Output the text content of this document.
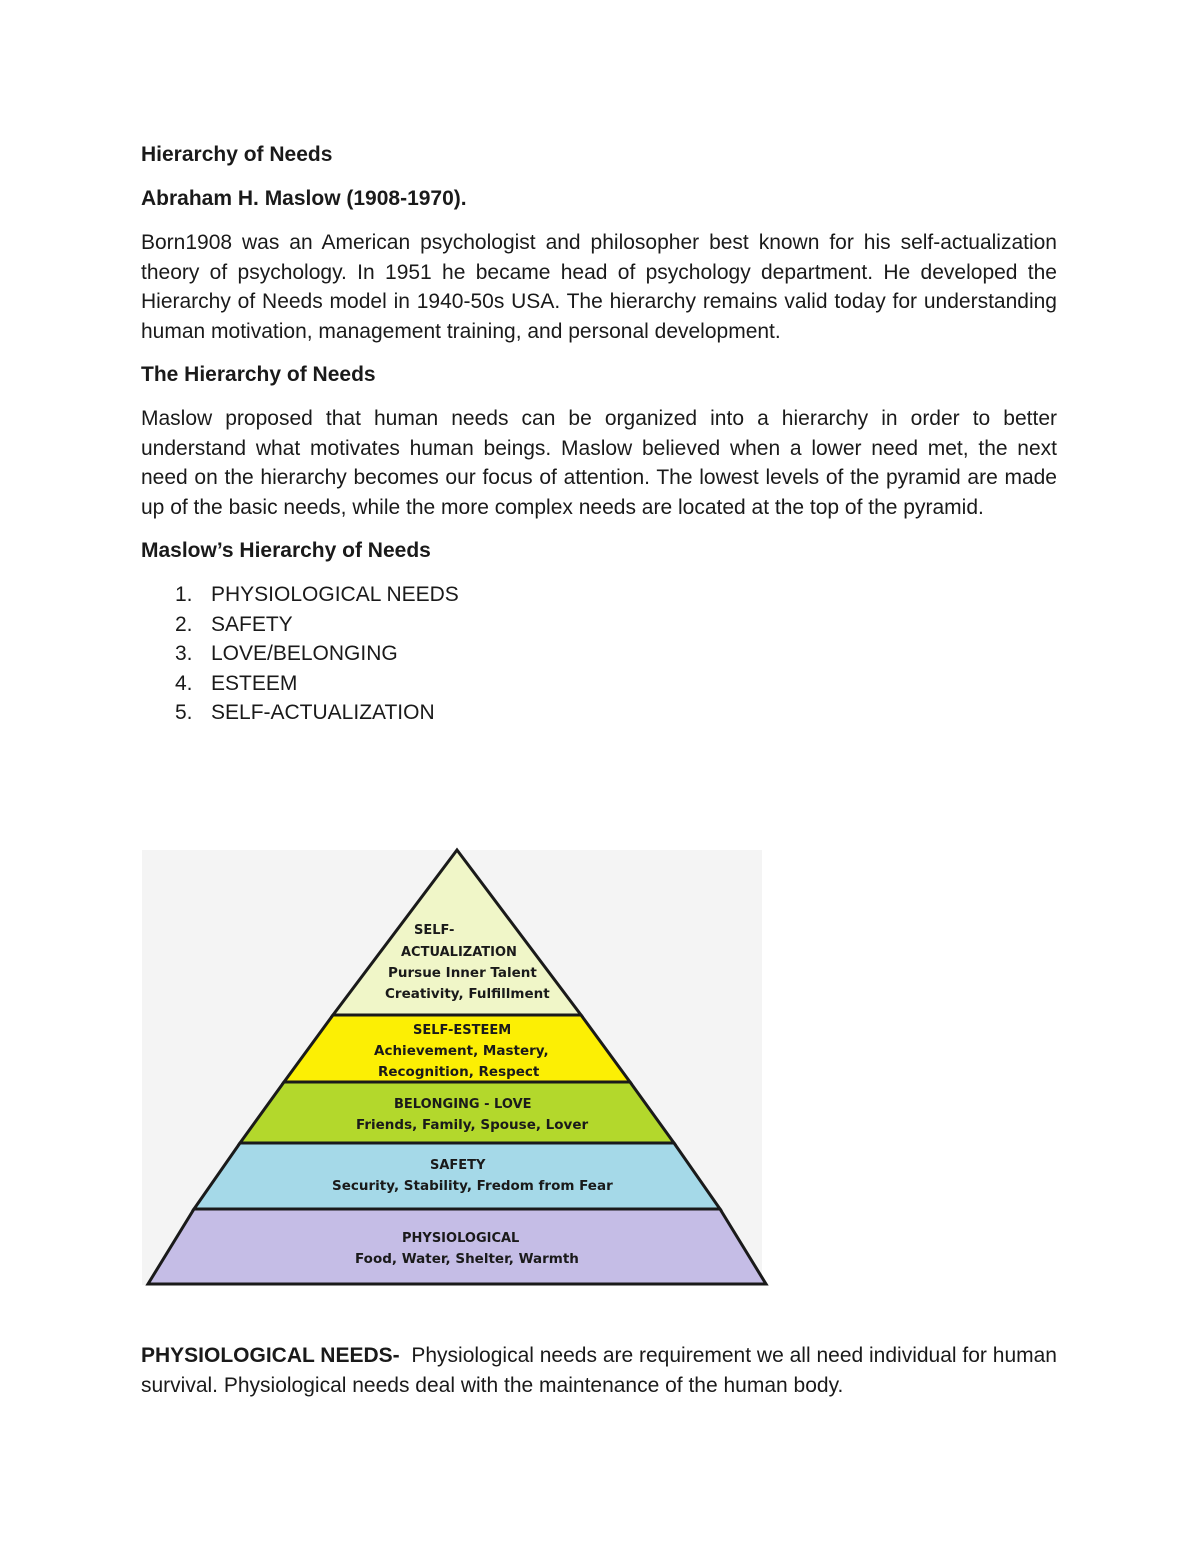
Hierarchy of Needs
Abraham H. Maslow (1908-1970).

Born1908 was an American psychologist and philosopher best known for his self-actualization theory of psychology. In 1951 he became head of psychology department. He developed the Hierarchy of Needs model in 1940-50s USA. The hierarchy remains valid today for understanding human motivation, management training, and personal development.

The Hierarchy of Needs

Maslow proposed that human needs can be organized into a hierarchy in order to better understand what motivates human beings. Maslow believed when a lower need met, the next need on the hierarchy becomes our focus of attention. The lowest levels of the pyramid are made up of the basic needs, while the more complex needs are located at the top of the pyramid.

Maslow’s Hierarchy of Needs
1. PHYSIOLOGICAL NEEDS
2. SAFETY
3. LOVE/BELONGING
4. ESTEEM
5. SELF-ACTUALIZATION
SELF-
ACTUALIZATION
Pursue Inner Talent
Creativity, Fulfillment
SELF-ESTEEM
Achievement, Mastery,
Recognition, Respect
BELONGING - LOVE
Friends, Family, Spouse, Lover
SAFETY
Security, Stability, Fredom from Fear
PHYSIOLOGICAL
Food, Water, Shelter, Warmth

PHYSIOLOGICAL NEEDS-  Physiological needs are requirement we all need individual for human survival. Physiological needs deal with the maintenance of the human body.
